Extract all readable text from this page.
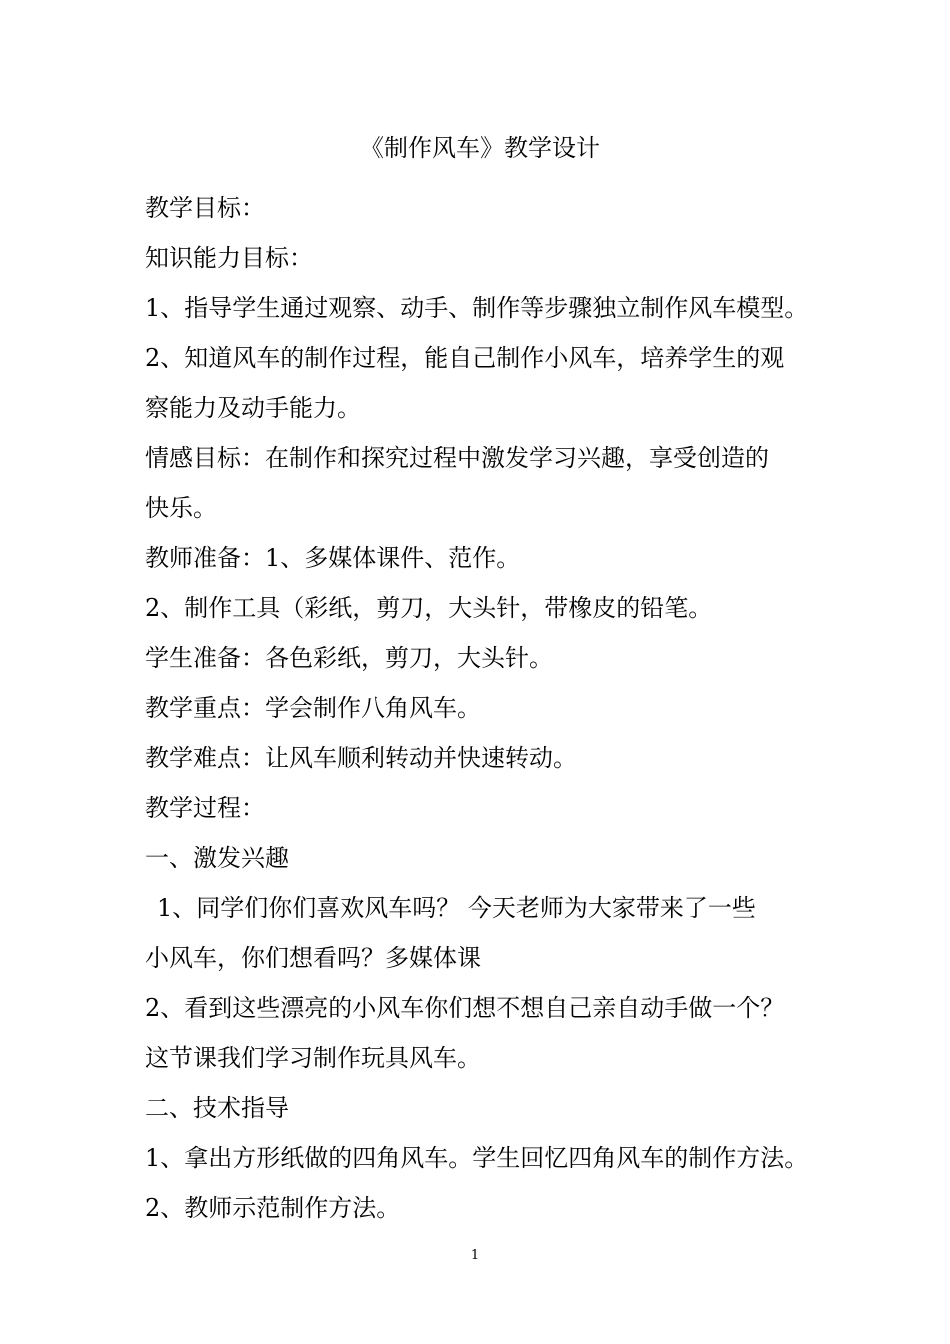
《制作风车》教学设计
教学目标：
知识能力目标：
1、指导学生通过观察、动手、制作等步骤独立制作风车模型。
2、知道风车的制作过程，能自己制作小风车，培养学生的观
察能力及动手能力。
情感目标：在制作和探究过程中激发学习兴趣，享受创造的
快乐。
教师准备：1、多媒体课件、范作。
2、制作工具（彩纸，剪刀，大头针，带橡皮的铅笔。
学生准备：各色彩纸，剪刀，大头针。
教学重点：学会制作八角风车。
教学难点：让风车顺利转动并快速转动。
教学过程：
一、激发兴趣
1、同学们你们喜欢风车吗？ 今天老师为大家带来了一些
小风车，你们想看吗？多媒体课
2、看到这些漂亮的小风车你们想不想自己亲自动手做一个？
这节课我们学习制作玩具风车。
二、技术指导
1、拿出方形纸做的四角风车。学生回忆四角风车的制作方法。
2、教师示范制作方法。
1
